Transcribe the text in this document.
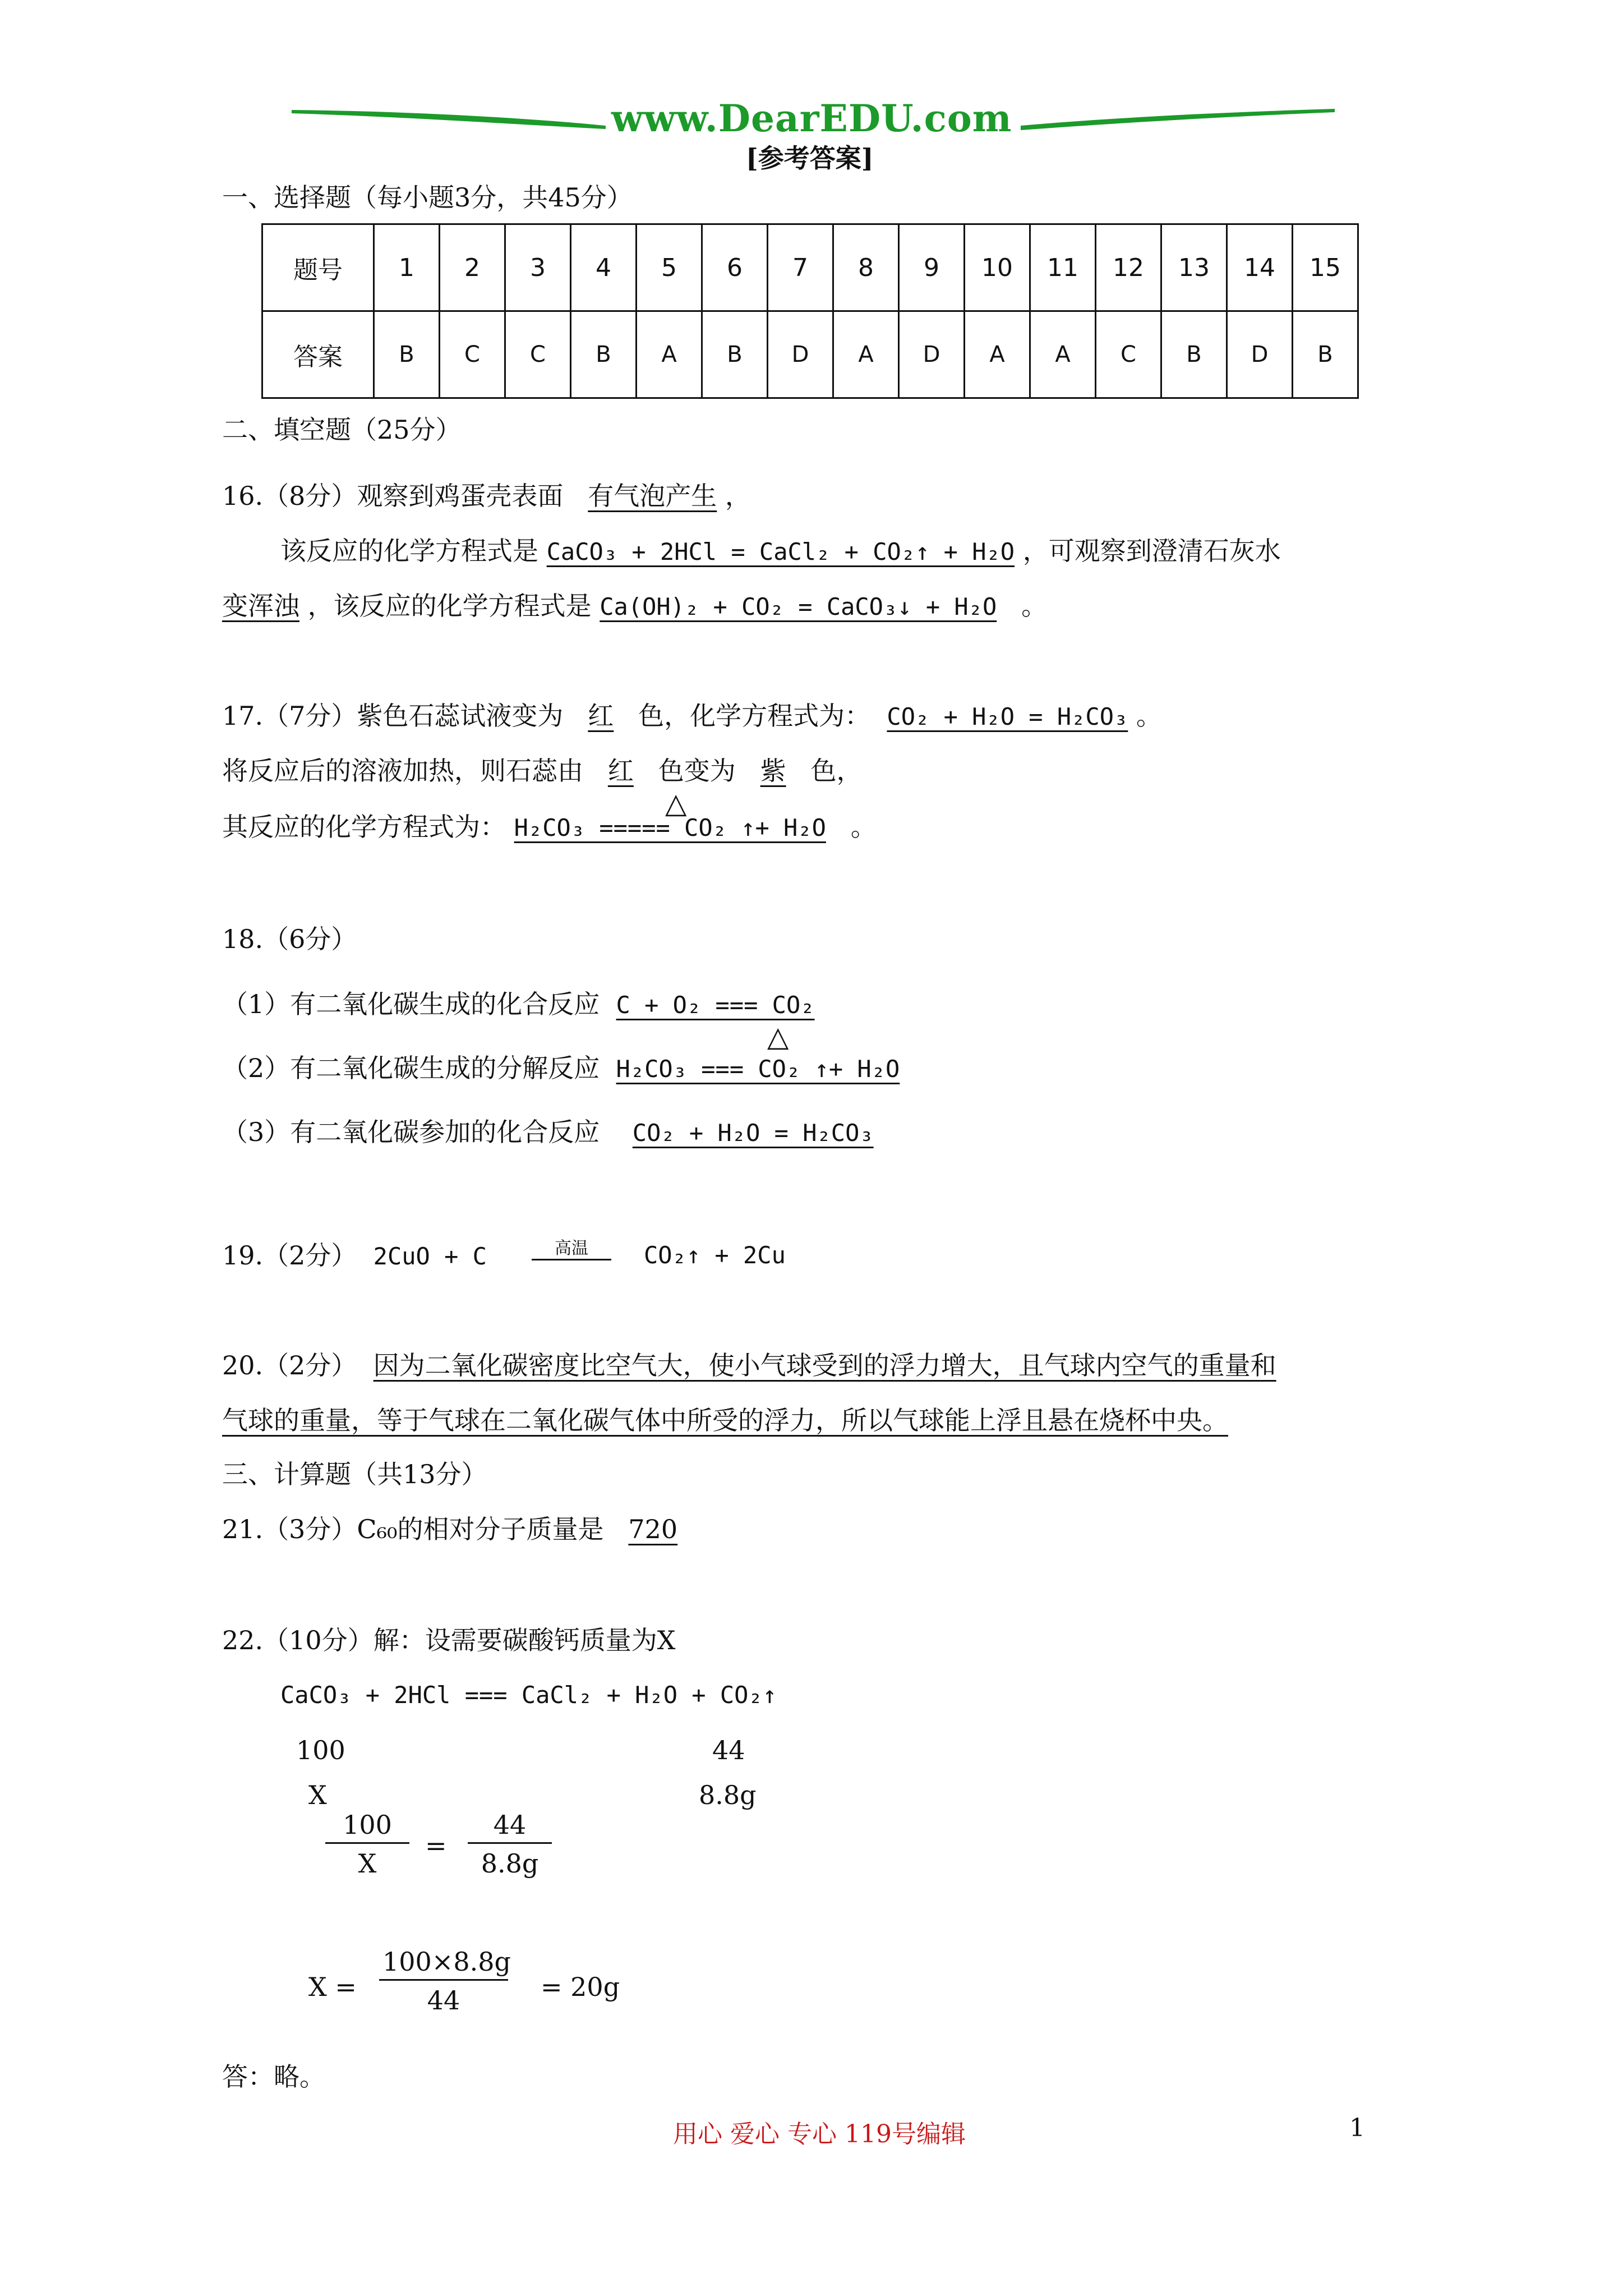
www.DearEDU.com
[参考答案]
一、选择题（每小题3分，共45分）
题号	1	2	3	4	5	6	7	8	9	10	11	12	13	14	15
答案	B	C	C	B	A	B	D	A	D	A	A	C	B	D	B
二、填空题（25分）
16.（8分）观察到鸡蛋壳表面 有气泡产生 ，
该反应的化学方程式是 CaCO₃ + 2HCl = CaCl₂ + CO₂↑ + H₂O ，可观察到澄清石灰水
变浑浊 ，该反应的化学方程式是 Ca(OH)₂ + CO₂ = CaCO₃↓ + H₂O 。
17.（7分）紫色石蕊试液变为 红 色，化学方程式为： CO₂ + H₂O = H₂CO₃ 。
将反应后的溶液加热，则石蕊由 红 色变为 紫 色，
△
其反应的化学方程式为： H₂CO₃ ===== CO₂ ↑+ H₂O 。
18.（6分）
（1）有二氧化碳生成的化合反应 C + O₂ === CO₂
△
（2）有二氧化碳生成的分解反应 H₂CO₃ === CO₂ ↑+ H₂O
（3）有二氧化碳参加的化合反应 CO₂ + H₂O = H₂CO₃
19.（2分） 2CuO + C	高温	CO₂↑ + 2Cu
20.（2分） 因为二氧化碳密度比空气大，使小气球受到的浮力增大，且气球内空气的重量和
气球的重量，等于气球在二氧化碳气体中所受的浮力，所以气球能上浮且悬在烧杯中央。
三、计算题（共13分）
21.（3分）C₆₀的相对分子质量是 720
22.（10分）解：设需要碳酸钙质量为X
CaCO₃ + 2HCl === CaCl₂ + H₂O + CO₂↑
100
X
44
8.8g
$\frac{100}{X} = \frac{44}{8.8g}$
$X = \frac{100\times 8.8g}{44} = 20g$
答：略。
用心 爱心 专心 119号编辑	1
